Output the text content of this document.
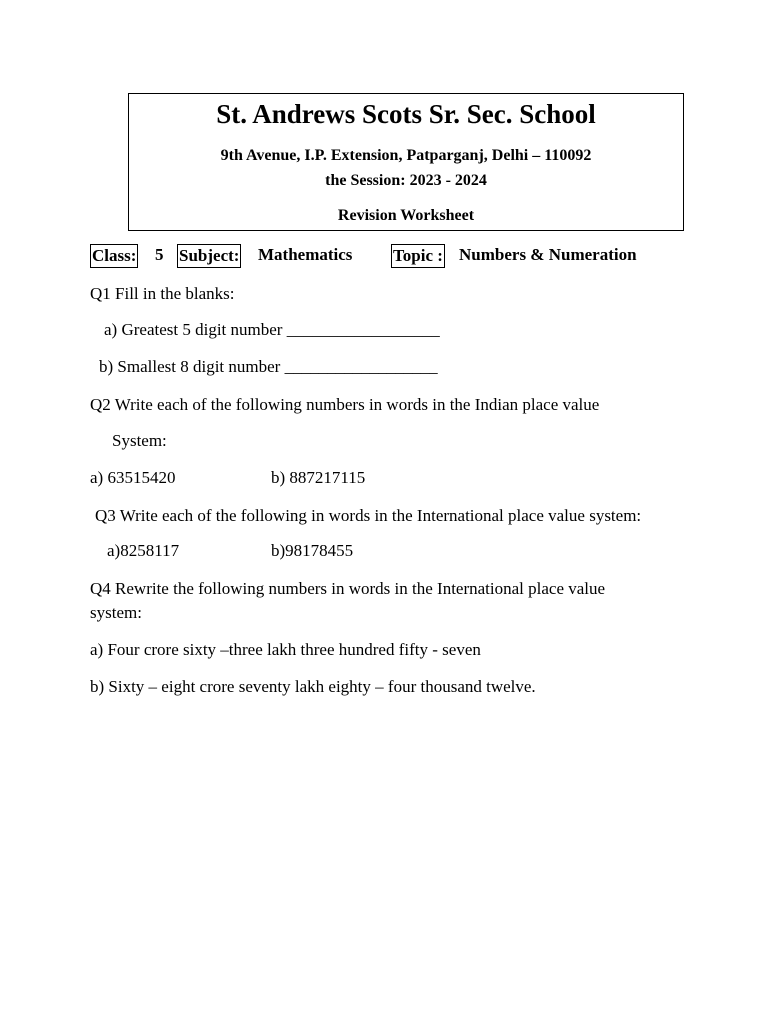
St. Andrews Scots Sr. Sec. School
9th Avenue, I.P. Extension, Patparganj, Delhi – 110092
the Session: 2023 - 2024
Revision Worksheet
Class: 5 Subject: Mathematics Topic : Numbers & Numeration
Q1 Fill in the blanks:
a) Greatest 5 digit number __________________
b) Smallest 8 digit number __________________
Q2 Write each of the following numbers in words in the Indian place value
System:
a) 63515420	b) 887217115
Q3 Write each of the following in words in the International place value system:
a)8258117	b)98178455
Q4 Rewrite the following numbers in words in the International place value
system:
a) Four crore sixty –three lakh three hundred fifty - seven
b) Sixty – eight crore seventy lakh eighty – four thousand twelve.
